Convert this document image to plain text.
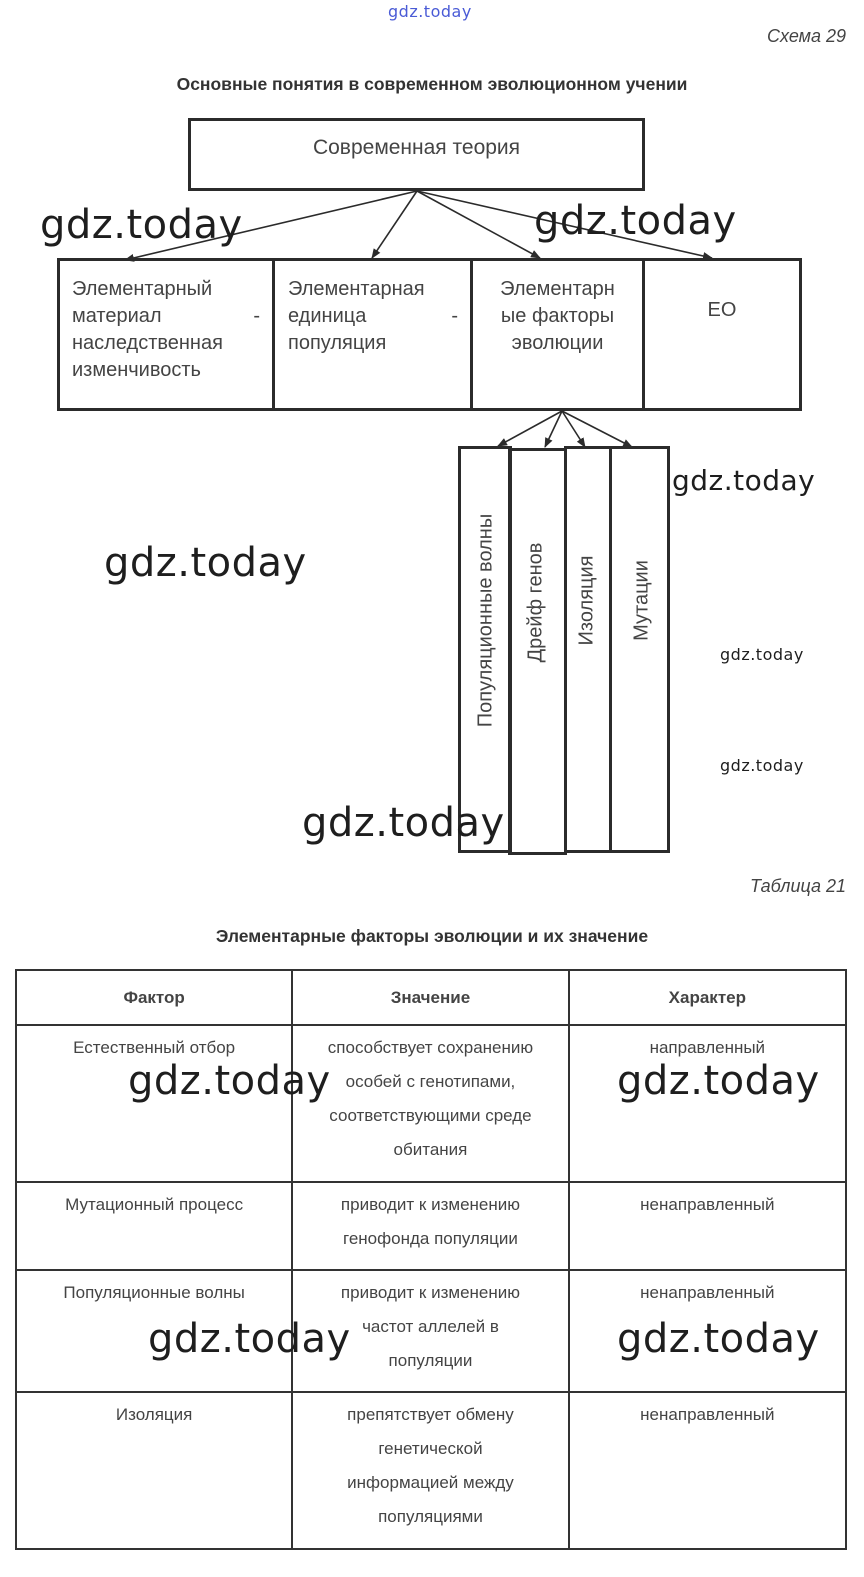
gdz.today
Схема 29
Основные понятия в современном эволюционном учении
Современная теория
Элементарный
материал	-
наследственная
изменчивость
Элементарная
единица	-
популяция
Элементарн
ые факторы
эволюции
ЕО
Популяционные волны Дрейф генов Изоляция Мутации
Таблица 21
Элементарные факторы эволюции и их значение
Фактор	Значение	Характер
Естественный отбор	способствует сохранению
особей с генотипами,
соответствующими среде
обитания	направленный
Мутационный процесс	приводит к изменению
генофонда популяции	ненаправленный
Популяционные волны	приводит к изменению
частот аллелей в
популяции	ненаправленный
Изоляция	препятствует обмену
генетической
информацией между
популяциями	ненаправленный
gdz.today	gdz.today
gdz.today
gdz.today
gdz.today
gdz.today
gdz.today
gdz.today	gdz.today
gdz.today	gdz.today
